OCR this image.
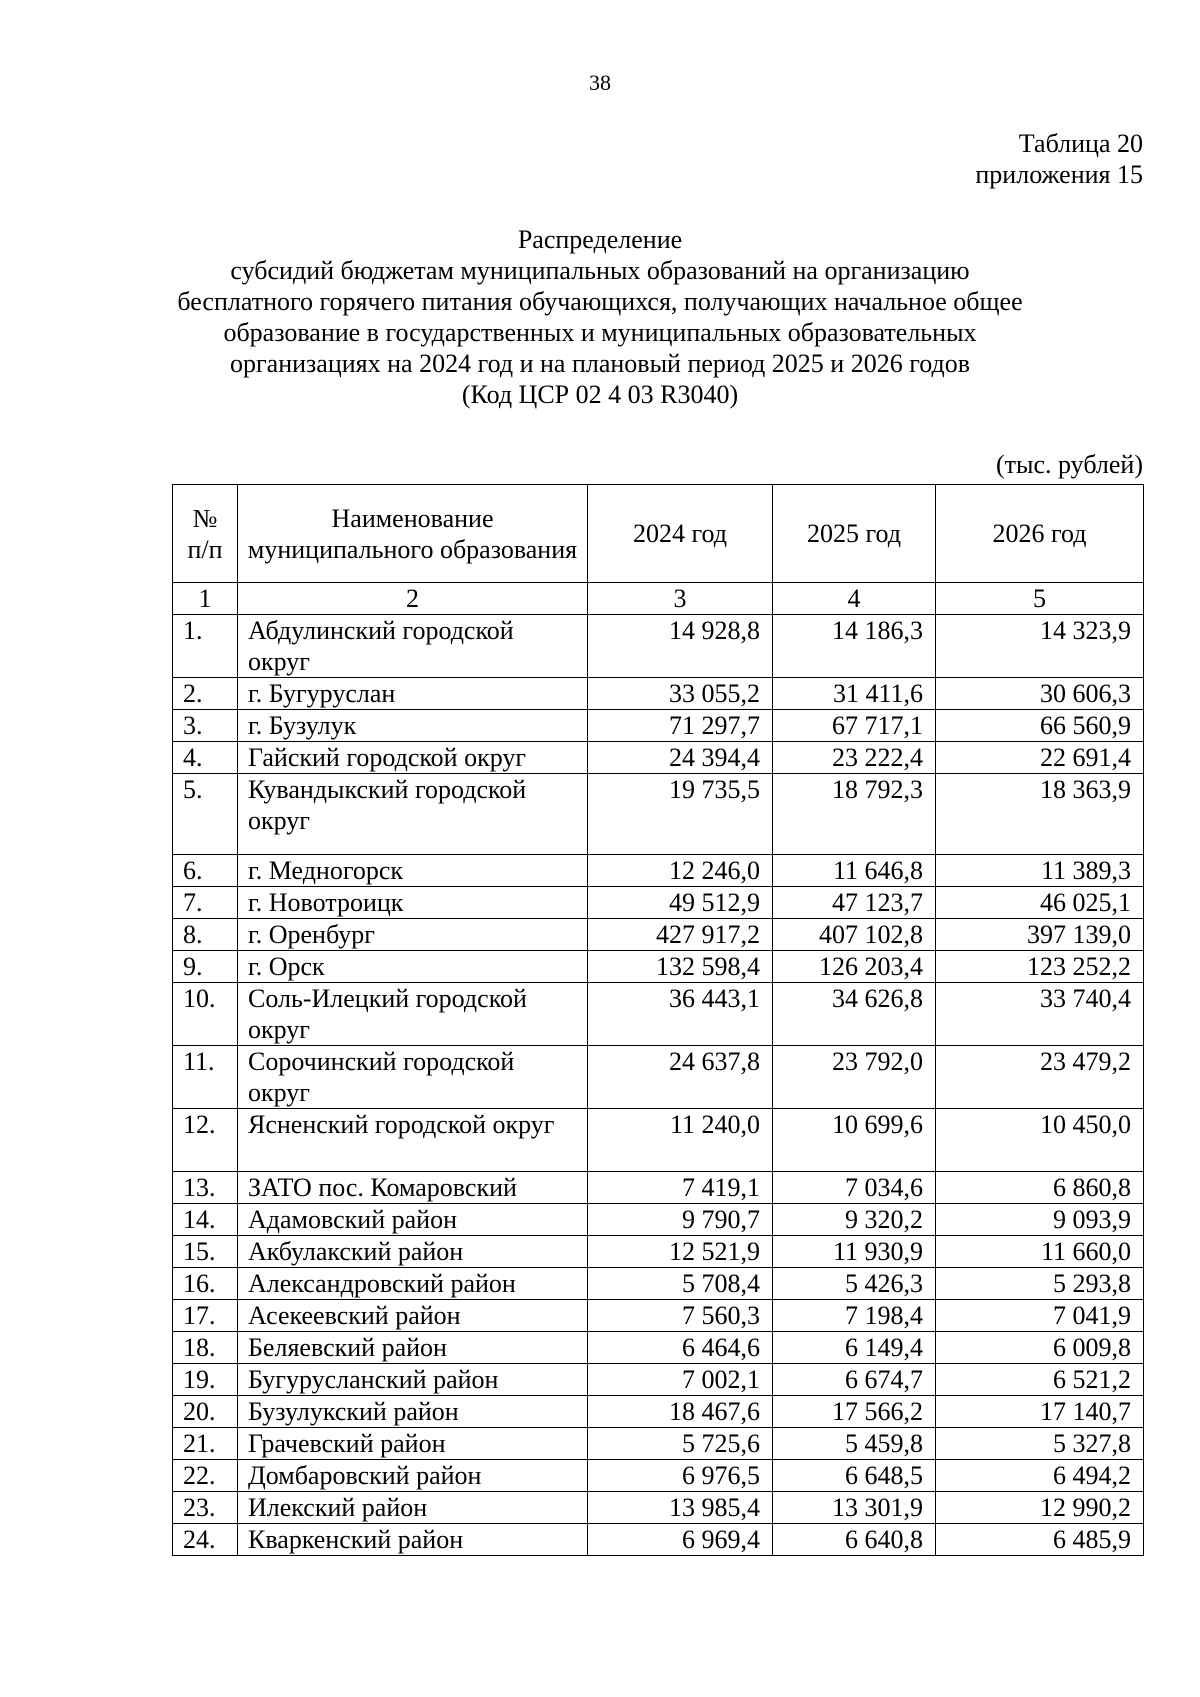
38
Таблица 20
приложения 15
Распределение
субсидий бюджетам муниципальных образований на организацию
бесплатного горячего питания обучающихся, получающих начальное общее
образование в государственных и муниципальных образовательных
организациях на 2024 год и на плановый период 2025 и 2026 годов
(Код ЦСР 02 4 03 R3040)
(тыс. рублей)
№ п/п	Наименование муниципального образования	2024 год	2025 год	2026 год
1	2	3	4	5
1.	Абдулинский городской округ	14 928,8	14 186,3	14 323,9
2.	г. Бугуруслан	33 055,2	31 411,6	30 606,3
3.	г. Бузулук	71 297,7	67 717,1	66 560,9
4.	Гайский городской округ	24 394,4	23 222,4	22 691,4
5.	Кувандыкский городской округ	19 735,5	18 792,3	18 363,9
6.	г. Медногорск	12 246,0	11 646,8	11 389,3
7.	г. Новотроицк	49 512,9	47 123,7	46 025,1
8.	г. Оренбург	427 917,2	407 102,8	397 139,0
9.	г. Орск	132 598,4	126 203,4	123 252,2
10.	Соль-Илецкий городской округ	36 443,1	34 626,8	33 740,4
11.	Сорочинский городской округ	24 637,8	23 792,0	23 479,2
12.	Ясненский городской округ	11 240,0	10 699,6	10 450,0
13.	ЗАТО пос. Комаровский	7 419,1	7 034,6	6 860,8
14.	Адамовский район	9 790,7	9 320,2	9 093,9
15.	Акбулакский район	12 521,9	11 930,9	11 660,0
16.	Александровский район	5 708,4	5 426,3	5 293,8
17.	Асекеевский район	7 560,3	7 198,4	7 041,9
18.	Беляевский район	6 464,6	6 149,4	6 009,8
19.	Бугурусланский район	7 002,1	6 674,7	6 521,2
20.	Бузулукский район	18 467,6	17 566,2	17 140,7
21.	Грачевский район	5 725,6	5 459,8	5 327,8
22.	Домбаровский район	6 976,5	6 648,5	6 494,2
23.	Илекский район	13 985,4	13 301,9	12 990,2
24.	Кваркенский район	6 969,4	6 640,8	6 485,9
